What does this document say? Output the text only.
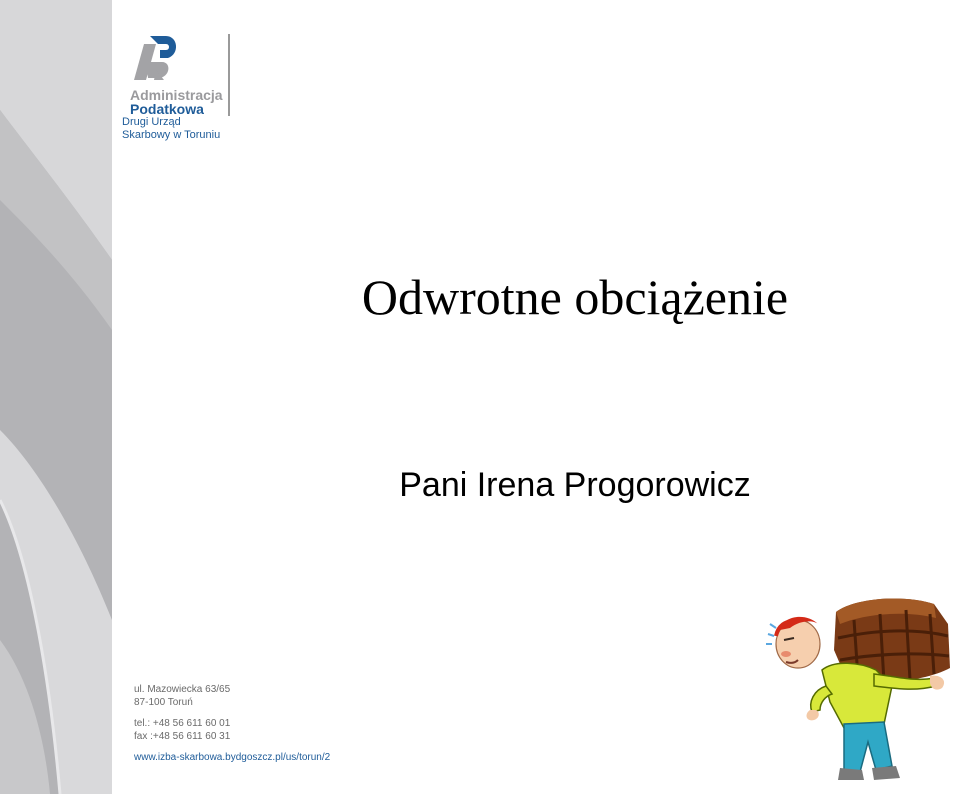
Administracja
Podatkowa
Drugi Urząd
Skarbowy w Toruniu
Odwrotne obciążenie
Pani Irena Progorowicz
ul. Mazowiecka 63/65
87-100 Toruń
tel.: +48 56 611 60 01
fax :+48 56 611 60 31
www.izba-skarbowa.bydgoszcz.pl/us/torun/2
